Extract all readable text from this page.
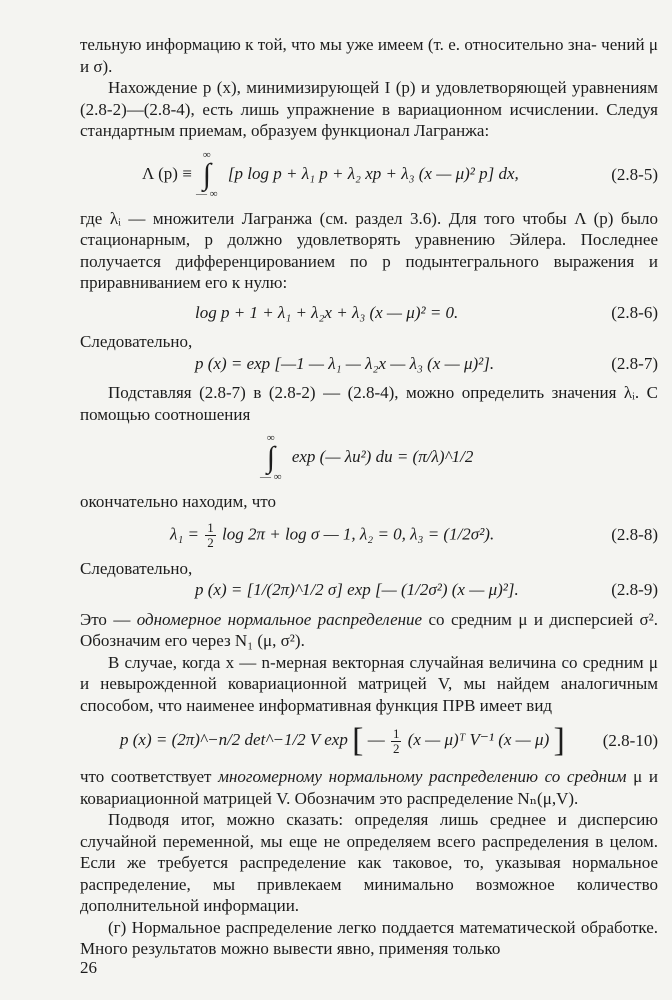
тельную информацию к той, что мы уже имеем (т. е. относительно зна- чений μ и σ).

Нахождение p (x), минимизирующей I (p) и удовлетворяющей уравнениям (2.8-2)—(2.8-4), есть лишь упражнение в вариационном исчислении. Следуя стандартным приемам, образуем функционал Лагранжа:

Λ (p) ≡
∞
∫
— ∞
[p log p + λ₁ p + λ₂ xp + λ₃ (x — μ)² p] dx,	(2.8-5)

где λᵢ — множители Лагранжа (см. раздел 3.6). Для того чтобы Λ (p) было стационарным, p должно удовлетворять уравнению Эйлера. Последнее получается дифференцированием по p подынтегрального выражения и приравниванием его к нулю:

log p + 1 + λ₁ + λ₂x + λ₃ (x — μ)² = 0.	(2.8-6)

Следовательно,

p (x) = exp [—1 — λ₁ — λ₂x — λ₃ (x — μ)²].	(2.8-7)

Подставляя (2.8-7) в (2.8-2) — (2.8-4), можно определить значения λᵢ. С помощью соотношения

∞
∫
— ∞
exp (— λu²) du = (π/λ)^1/2

окончательно находим, что

$\lambda_1 = \frac{1}{2}$ log 2π + log σ — 1, λ₂ = 0, λ₃ = (1/2σ²).	(2.8-8)

Следовательно,

p (x) = [1/(2π)^1/2 σ] exp [— (1/2σ²) (x — μ)²].	(2.8-9)

Это — одномерное нормальное распределение со средним μ и дисперсией σ². Обозначим его через N₁ (μ, σ²).

В случае, когда x — n-мерная векторная случайная величина со средним μ и невырожденной ковариационной матрицей V, мы найдем аналогичным способом, что наименее информативная функция ПРВ имеет вид

p (x) = (2π)^−n/2 det^−1/2 V exp [ — $\frac{1}{2} (x$ — μ)ᵀ V⁻¹ (x — μ) ]	(2.8-10)

что соответствует многомерному нормальному распределению со средним μ и ковариационной матрицей V. Обозначим это распределение Nₙ(μ,V).

Подводя итог, можно сказать: определяя лишь среднее и дисперсию случайной переменной, мы еще не определяем всего распределения в целом. Если же требуется распределение как таковое, то, указывая нормальное распределение, мы привлекаем минимально возможное количество дополнительной информации.

(г) Нормальное распределение легко поддается математической обработке. Много результатов можно вывести явно, применяя только

26
